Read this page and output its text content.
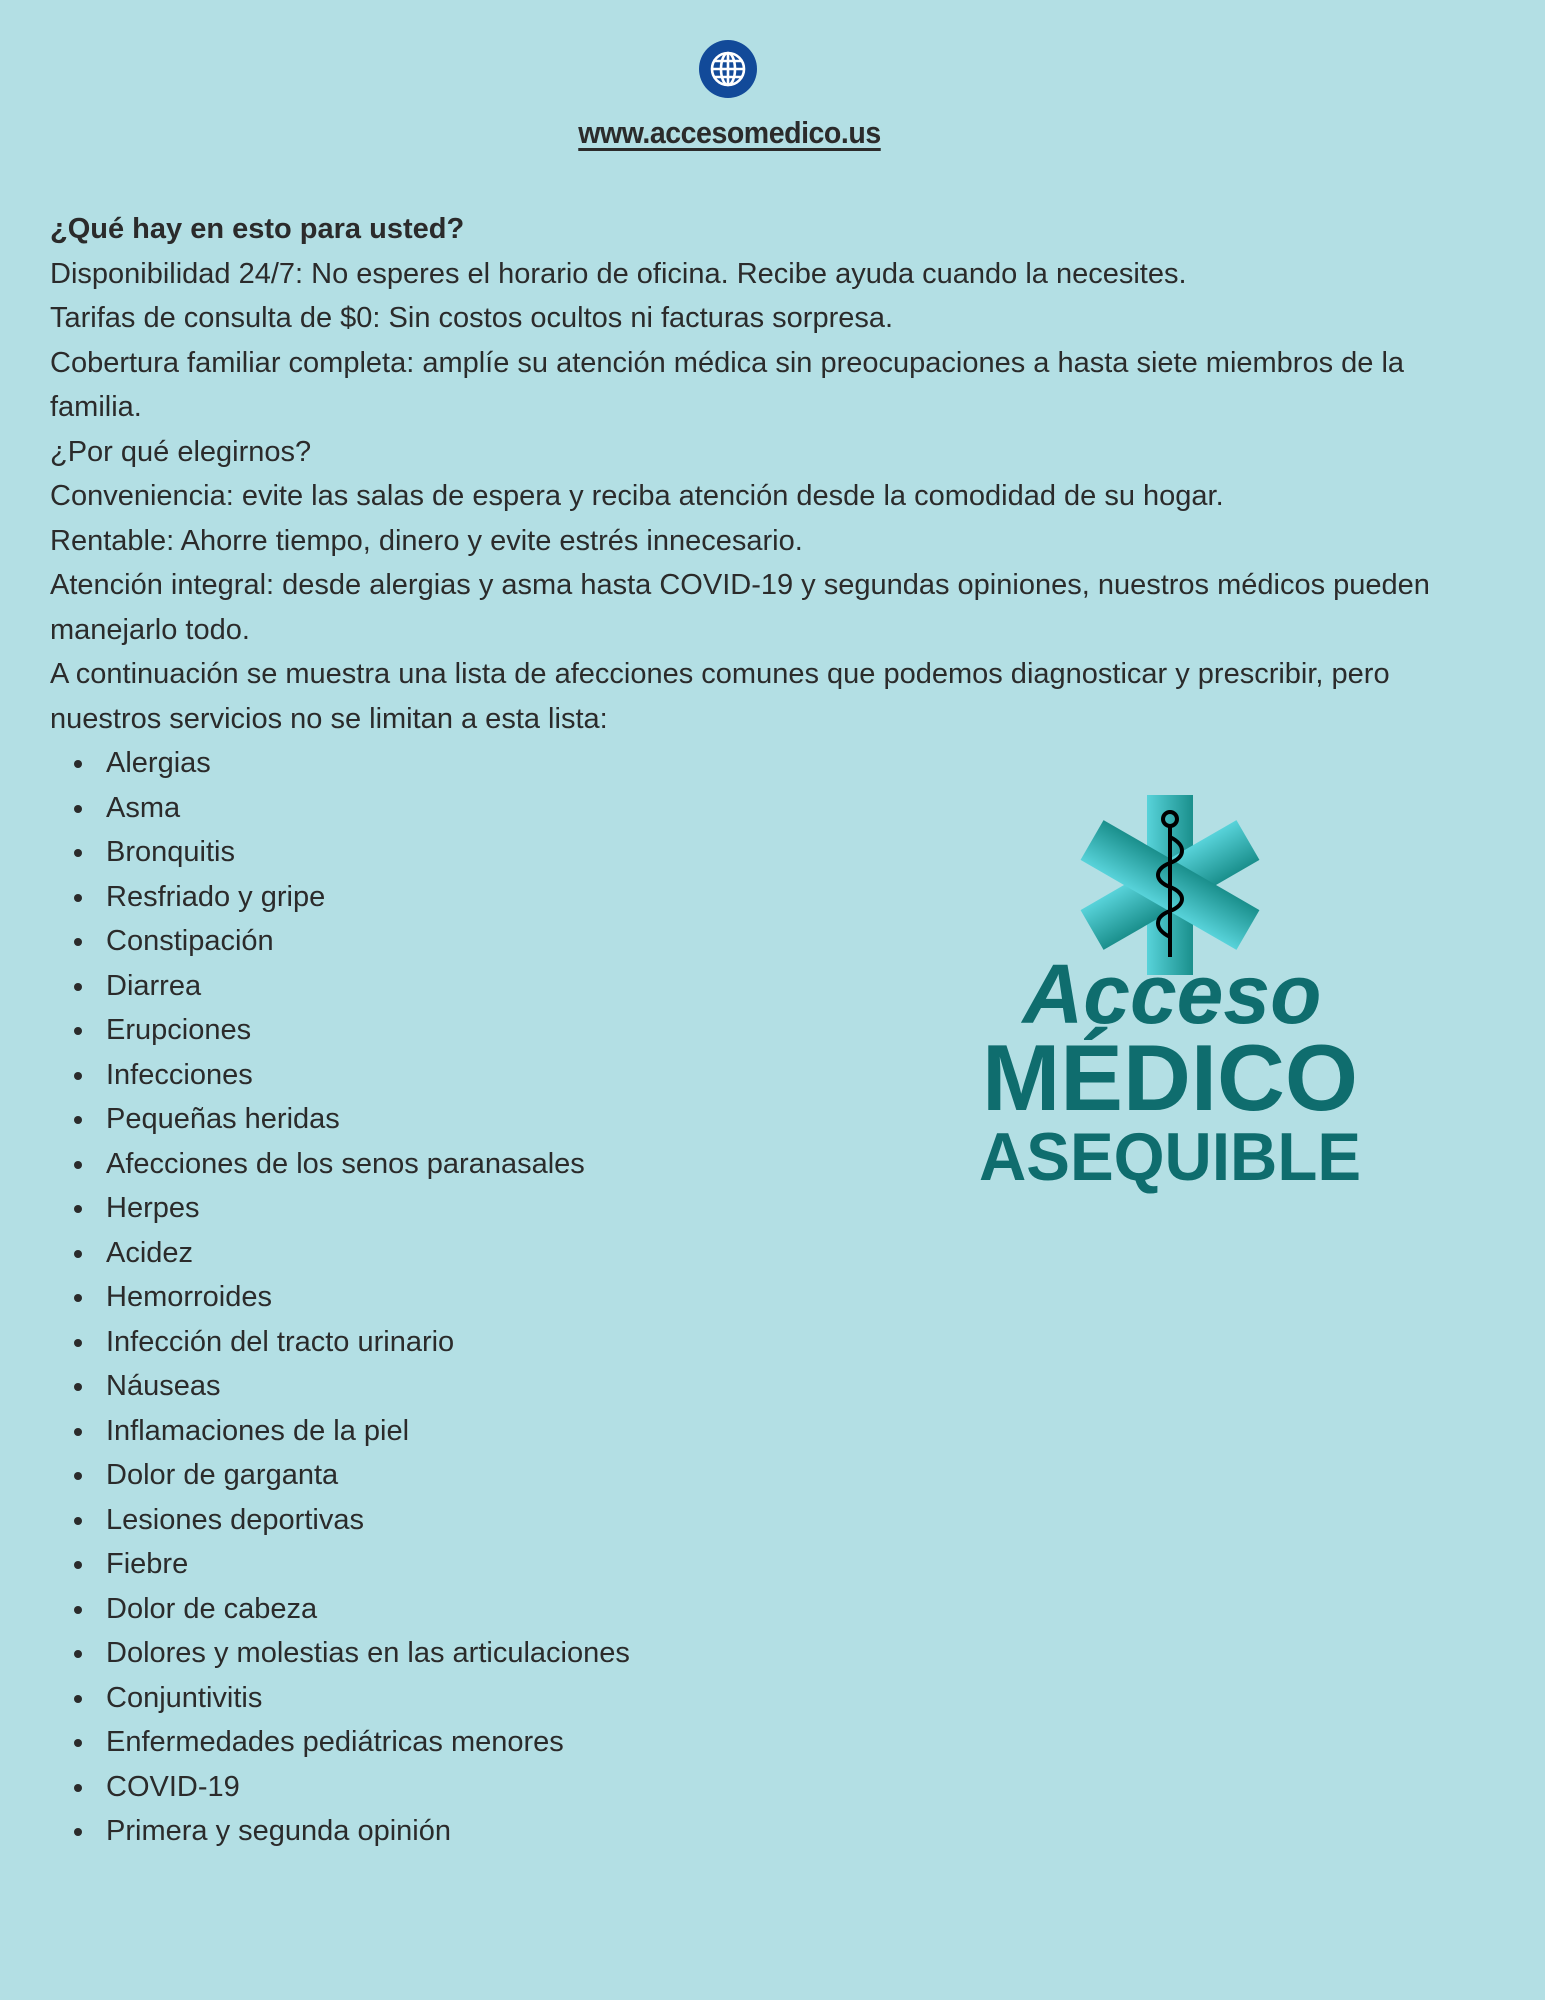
www.accesomedico.us

¿Qué hay en esto para usted?

Disponibilidad 24/7: No esperes el horario de oficina. Recibe ayuda cuando la necesites.

Tarifas de consulta de $0: Sin costos ocultos ni facturas sorpresa.

Cobertura familiar completa: amplíe su atención médica sin preocupaciones a hasta siete miembros de la familia.

¿Por qué elegirnos?

Conveniencia: evite las salas de espera y reciba atención desde la comodidad de su hogar.

Rentable: Ahorre tiempo, dinero y evite estrés innecesario.

Atención integral: desde alergias y asma hasta COVID-19 y segundas opiniones, nuestros médicos pueden manejarlo todo.

A continuación se muestra una lista de afecciones comunes que podemos diagnosticar y prescribir, pero nuestros servicios no se limitan a esta lista:

Alergias
Asma
Bronquitis
Resfriado y gripe
Constipación
Diarrea
Erupciones
Infecciones
Pequeñas heridas
Afecciones de los senos paranasales
Herpes
Acidez
Hemorroides
Infección del tracto urinario
Náuseas
Inflamaciones de la piel
Dolor de garganta
Lesiones deportivas
Fiebre
Dolor de cabeza
Dolores y molestias en las articulaciones
Conjuntivitis
Enfermedades pediátricas menores
COVID-19
Primera y segunda opinión
Acceso
MÉDICO
ASEQUIBLE
